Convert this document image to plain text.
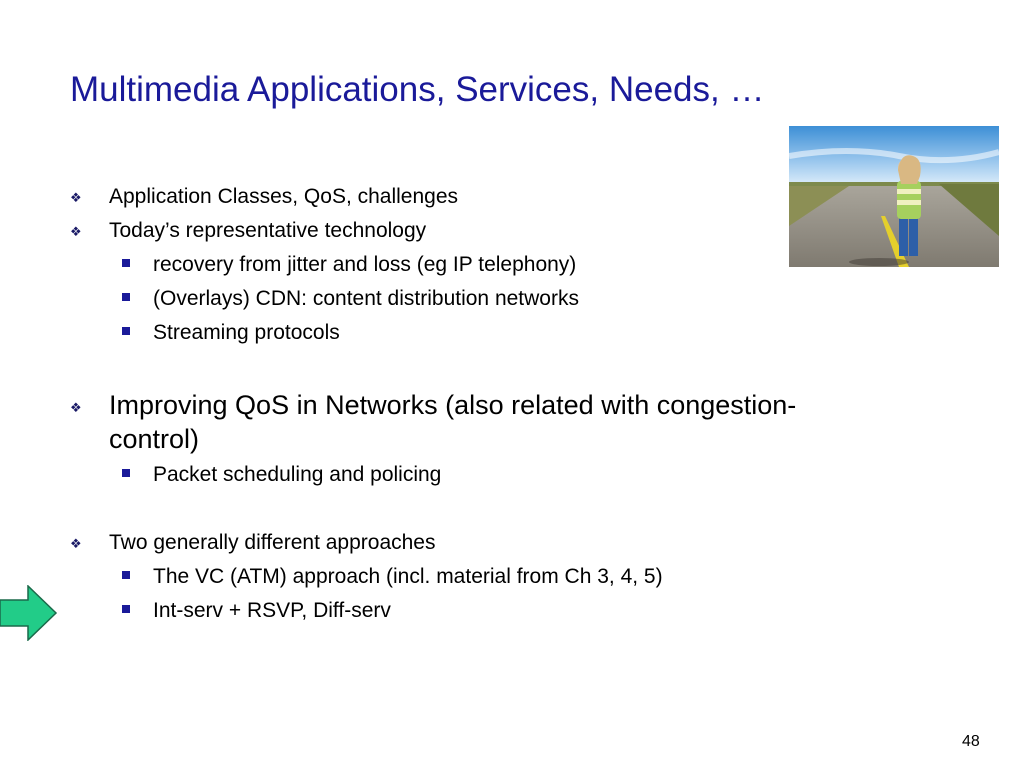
Multimedia Applications, Services, Needs, …
❖ Application Classes, QoS, challenges
❖ Today’s representative technology
recovery from jitter and loss (eg IP telephony)
(Overlays) CDN: content distribution networks
Streaming protocols
❖ Improving QoS in Networks (also related with congestion-
control)
Packet scheduling and policing
❖ Two generally different approaches
The VC (ATM) approach (incl. material from Ch 3, 4, 5)
Int-serv + RSVP, Diff-serv
48
